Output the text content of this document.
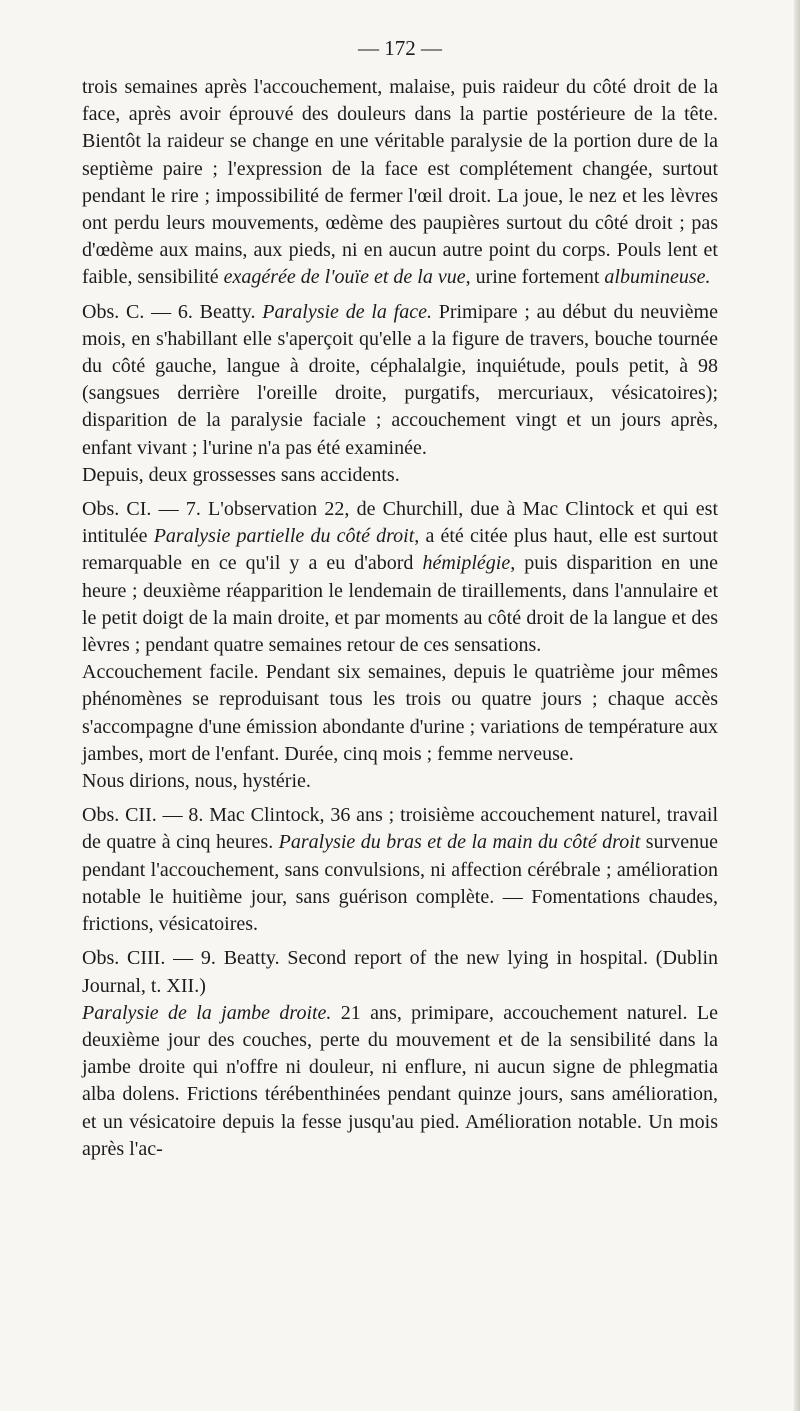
— 172 —

trois semaines après l'accouchement, malaise, puis raideur du côté droit de la face, après avoir éprouvé des douleurs dans la partie postérieure de la tête. Bientôt la raideur se change en une véritable paralysie de la portion dure de la septième paire ; l'expression de la face est complétement changée, surtout pendant le rire ; impossibilité de fermer l'œil droit. La joue, le nez et les lèvres ont perdu leurs mouvements, œdème des paupières surtout du côté droit ; pas d'œdème aux mains, aux pieds, ni en aucun autre point du corps. Pouls lent et faible, sensibilité exagérée de l'ouïe et de la vue, urine fortement albumineuse.

Obs. C. — 6. Beatty. Paralysie de la face. Primipare ; au début du neuvième mois, en s'habillant elle s'aperçoit qu'elle a la figure de travers, bouche tournée du côté gauche, langue à droite, céphalalgie, inquiétude, pouls petit, à 98 (sangsues derrière l'oreille droite, purgatifs, mercuriaux, vésicatoires); disparition de la paralysie faciale ; accouchement vingt et un jours après, enfant vivant ; l'urine n'a pas été examinée.

Depuis, deux grossesses sans accidents.

Obs. CI. — 7. L'observation 22, de Churchill, due à Mac Clintock et qui est intitulée Paralysie partielle du côté droit, a été citée plus haut, elle est surtout remarquable en ce qu'il y a eu d'abord hémiplégie, puis disparition en une heure ; deuxième réapparition le lendemain de tiraillements, dans l'annulaire et le petit doigt de la main droite, et par moments au côté droit de la langue et des lèvres ; pendant quatre semaines retour de ces sensations.

Accouchement facile. Pendant six semaines, depuis le quatrième jour mêmes phénomènes se reproduisant tous les trois ou quatre jours ; chaque accès s'accompagne d'une émission abondante d'urine ; variations de température aux jambes, mort de l'enfant. Durée, cinq mois ; femme nerveuse.

Nous dirions, nous, hystérie.

Obs. CII. — 8. Mac Clintock, 36 ans ; troisième accouchement naturel, travail de quatre à cinq heures. Paralysie du bras et de la main du côté droit survenue pendant l'accouchement, sans convulsions, ni affection cérébrale ; amélioration notable le huitième jour, sans guérison complète. — Fomentations chaudes, frictions, vésicatoires.

Obs. CIII. — 9. Beatty. Second report of the new lying in hospital. (Dublin Journal, t. XII.)

Paralysie de la jambe droite. 21 ans, primipare, accouchement naturel. Le deuxième jour des couches, perte du mouvement et de la sensibilité dans la jambe droite qui n'offre ni douleur, ni enflure, ni aucun signe de phlegmatia alba dolens. Frictions térébenthinées pendant quinze jours, sans amélioration, et un vésicatoire depuis la fesse jusqu'au pied. Amélioration notable. Un mois après l'ac-
